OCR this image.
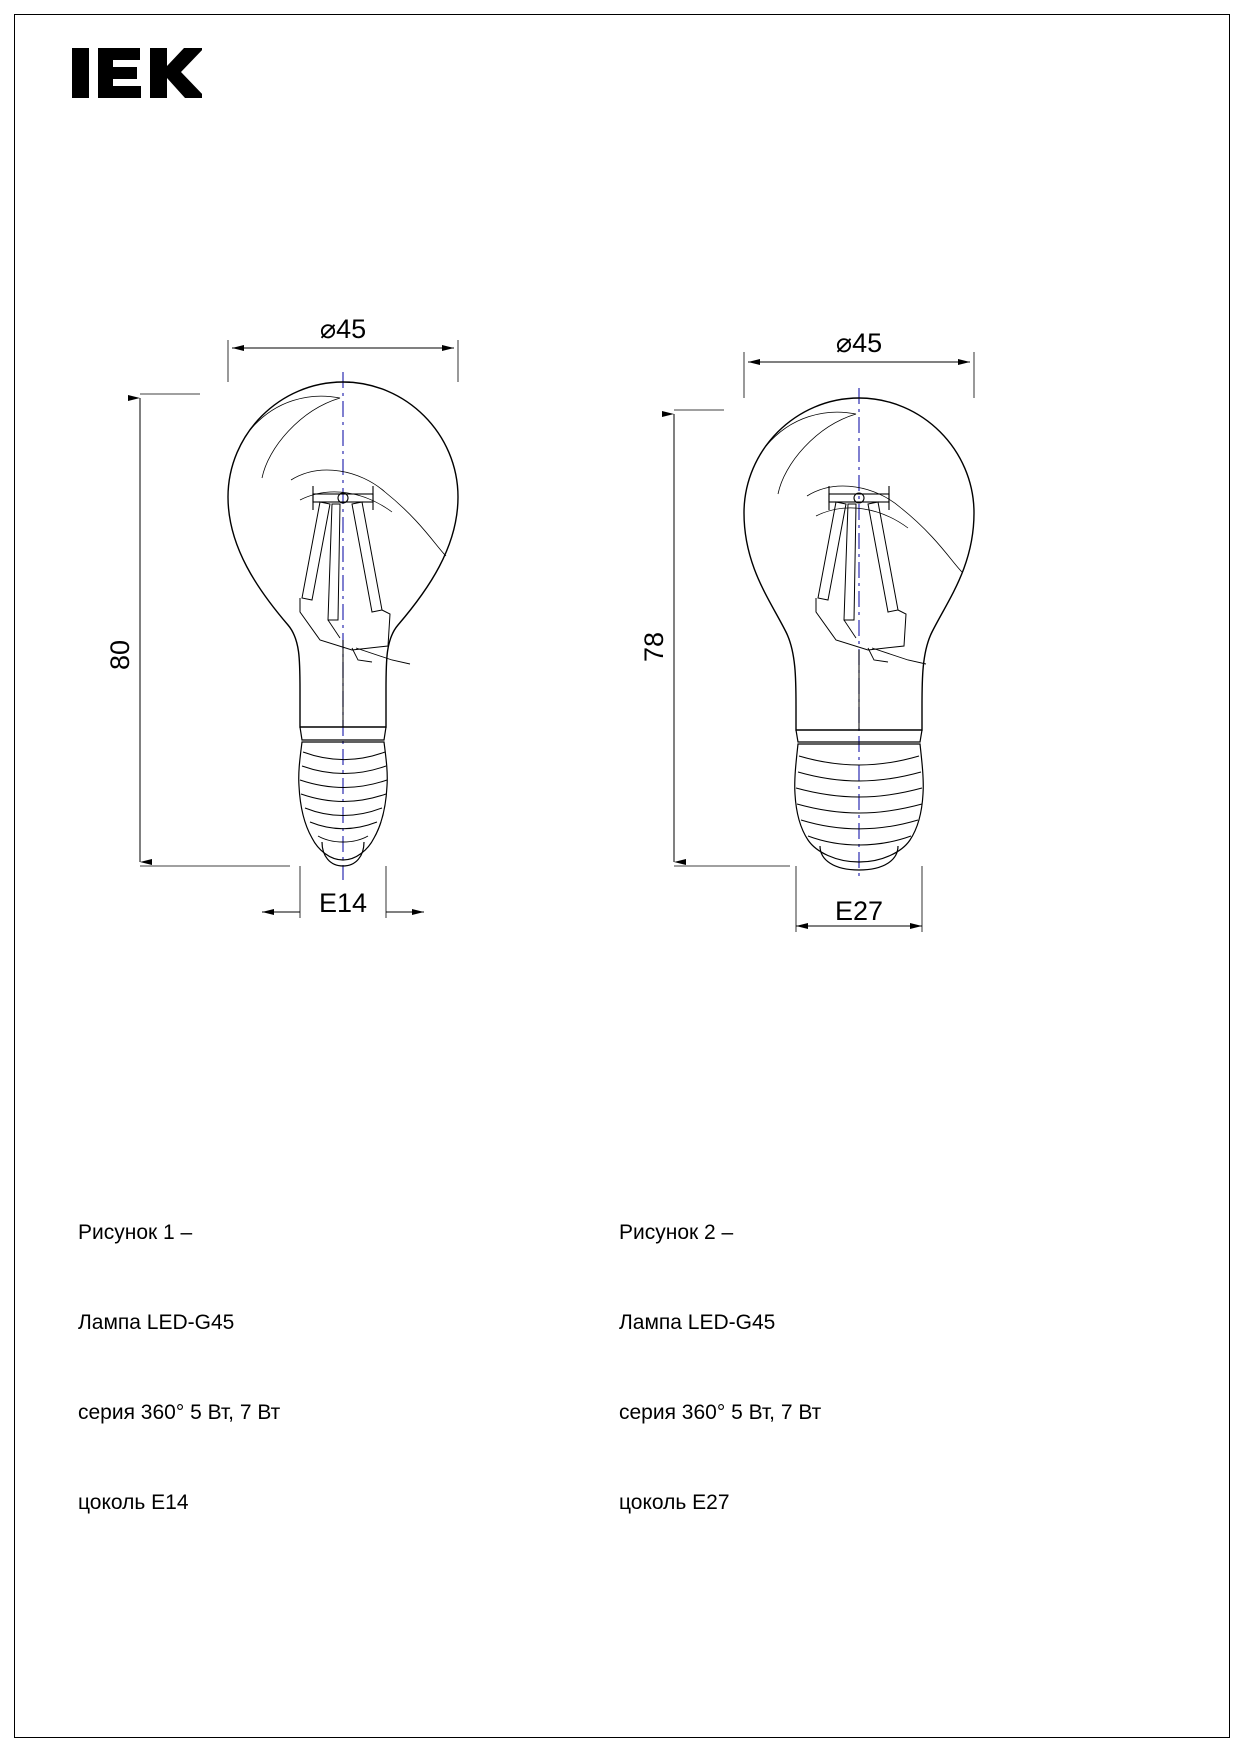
⌀45
80
E14
⌀45
78
E27

Рисунок 1 –

Лампа LED-G45

серия 360° 5 Вт, 7 Вт

цоколь E14

Рисунок 2 –

Лампа LED-G45

серия 360° 5 Вт, 7 Вт

цоколь E27
